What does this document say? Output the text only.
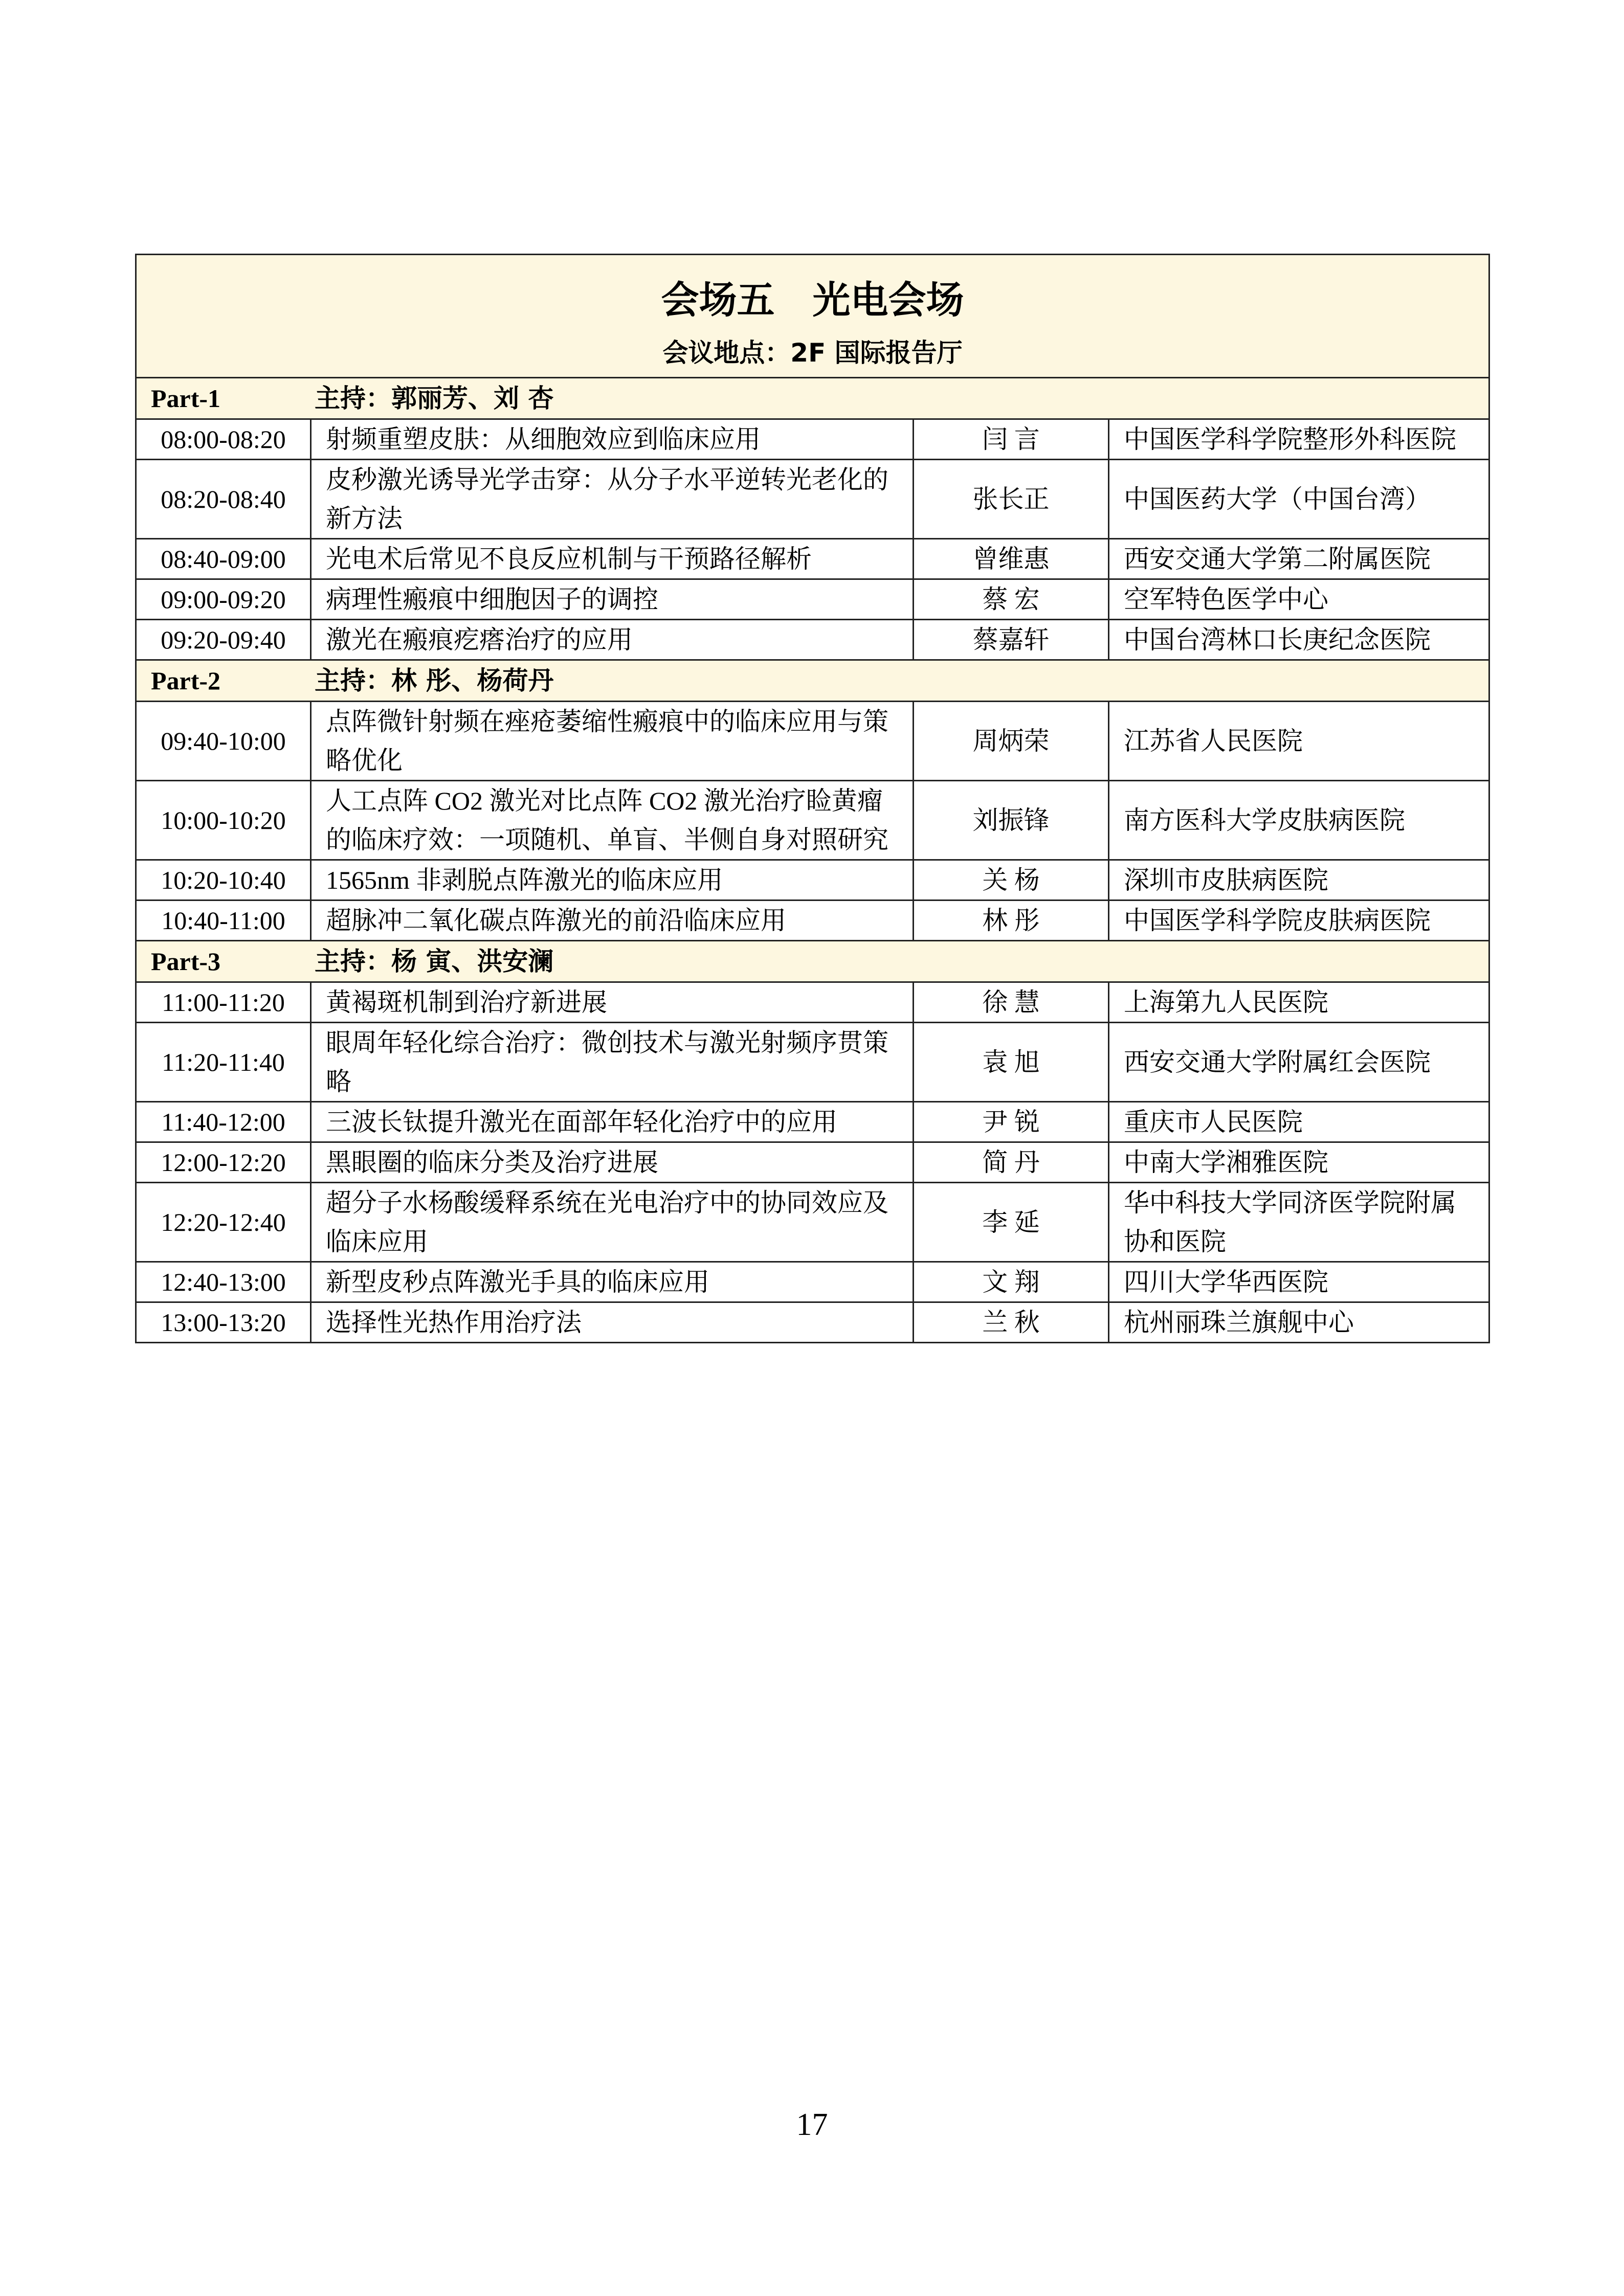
会场五　光电会场
会议地点：2F 国际报告厅			

Part-1 主持：郭丽芳、刘 杏			
08:00-08:20	射频重塑皮肤：从细胞效应到临床应用	闫 言	中国医学科学院整形外科医院
08:20-08:40	皮秒激光诱导光学击穿：从分子水平逆转光老化的新方法	张长正	中国医药大学（中国台湾）
08:40-09:00	光电术后常见不良反应机制与干预路径解析	曾维惠	西安交通大学第二附属医院
09:00-09:20	病理性瘢痕中细胞因子的调控	蔡 宏	空军特色医学中心
09:20-09:40	激光在瘢痕疙瘩治疗的应用	蔡嘉轩	中国台湾林口长庚纪念医院
Part-2 主持：林 彤、杨荷丹			
09:40-10:00	点阵微针射频在痤疮萎缩性瘢痕中的临床应用与策略优化	周炳荣	江苏省人民医院
10:00-10:20	人工点阵 CO2 激光对比点阵 CO2 激光治疗睑黄瘤的临床疗效：一项随机、单盲、半侧自身对照研究	刘振锋	南方医科大学皮肤病医院
10:20-10:40	1565nm 非剥脱点阵激光的临床应用	关 杨	深圳市皮肤病医院
10:40-11:00	超脉冲二氧化碳点阵激光的前沿临床应用	林 彤	中国医学科学院皮肤病医院
Part-3 主持：杨 寅、洪安澜			
11:00-11:20	黄褐斑机制到治疗新进展	徐 慧	上海第九人民医院
11:20-11:40	眼周年轻化综合治疗：微创技术与激光射频序贯策略	袁 旭	西安交通大学附属红会医院
11:40-12:00	三波长钛提升激光在面部年轻化治疗中的应用	尹 锐	重庆市人民医院
12:00-12:20	黑眼圈的临床分类及治疗进展	简 丹	中南大学湘雅医院
12:20-12:40	超分子水杨酸缓释系统在光电治疗中的协同效应及临床应用	李 延	华中科技大学同济医学院附属协和医院
12:40-13:00	新型皮秒点阵激光手具的临床应用	文 翔	四川大学华西医院
13:00-13:20	选择性光热作用治疗法	兰 秋	杭州丽珠兰旗舰中心
17
